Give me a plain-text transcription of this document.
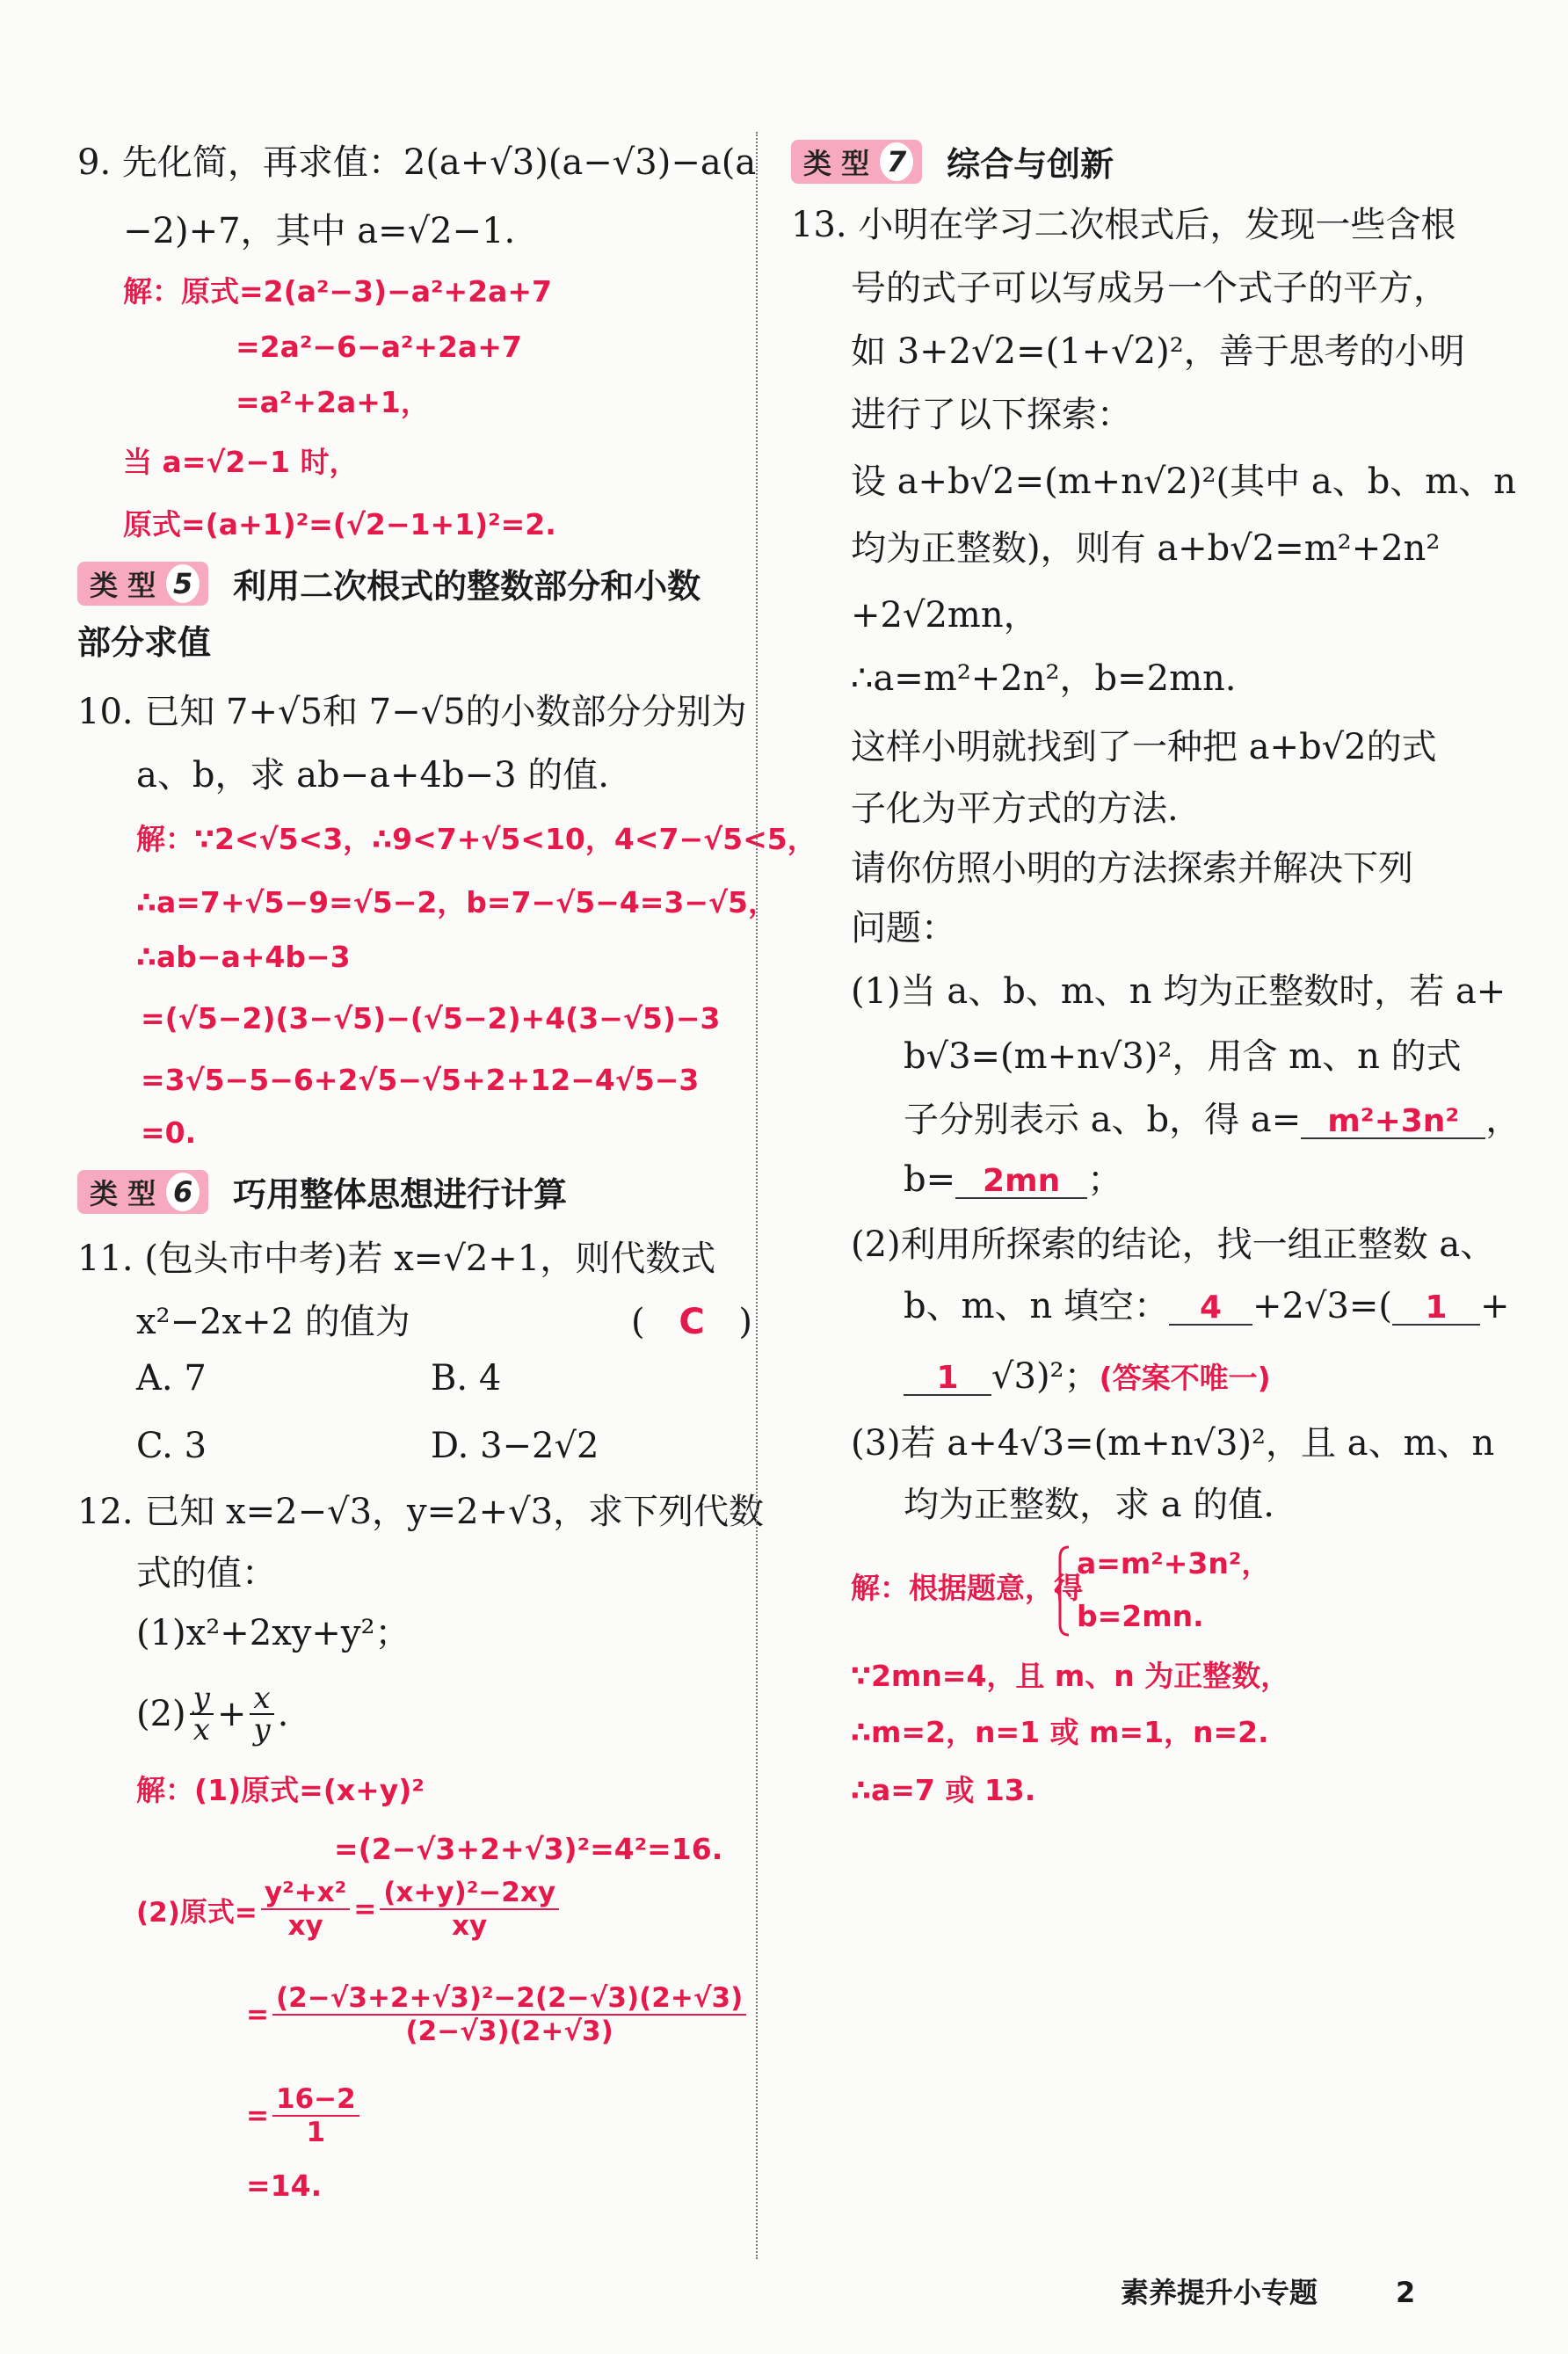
9. 先化简，再求值：2(a+√3)(a−√3)−a(a
−2)+7，其中 a=√2−1.
解：原式=2(a²−3)−a²+2a+7
=2a²−6−a²+2a+7
=a²+2a+1，
当 a=√2−1 时，
原式=(a+1)²=(√2−1+1)²=2.
类 型 5 利用二次根式的整数部分和小数
部分求值
10. 已知 7+√5和 7−√5的小数部分分别为
a、b，求 ab−a+4b−3 的值.
解：∵2<√5<3，∴9<7+√5<10，4<7−√5<5，
∴a=7+√5−9=√5−2，b=7−√5−4=3−√5，
∴ab−a+4b−3
=(√5−2)(3−√5)−(√5−2)+4(3−√5)−3
=3√5−5−6+2√5−√5+2+12−4√5−3
=0.
类 型 6 巧用整体思想进行计算
11. (包头市中考)若 x=√2+1，则代数式
x²−2x+2 的值为	( C )
A. 7	B. 4
C. 3	D. 3−2√2
12. 已知 x=2−√3，y=2+√3，求下列代数
式的值：
(1)x²+2xy+y²；
$(2) \frac{y}{x} + \frac{x}{y}$ .
解：(1)原式=(x+y)²
=(2−√3+2+√3)²=4²=16.
(2)原式= $\frac{\text{y²+x²}}{xy} = \frac{\text{(x+y)²−2xy}}{xy}$
= $\frac{\text{(2−√3+2+√3)²−2(2−√3)(2+√3)}}{(2-√3)(2+√3)}$
= $\frac{16-2}{1}$
=14.
类 型 7 综合与创新
13. 小明在学习二次根式后，发现一些含根
号的式子可以写成另一个式子的平方，
如 3+2√2=(1+√2)²，善于思考的小明
进行了以下探索：
设 a+b√2=(m+n√2)²(其中 a、b、m、n
均为正整数)，则有 a+b√2=m²+2n²
+2√2mn，
∴a=m²+2n²，b=2mn.
这样小明就找到了一种把 a+b√2的式
子化为平方式的方法.
请你仿照小明的方法探索并解决下列
问题：
(1)当 a、b、m、n 均为正整数时，若 a+
b√3=(m+n√3)²，用含 m、n 的式
子分别表示 a、b，得 a= m²+3n² ，
b= 2mn ；
(2)利用所探索的结论，找一组正整数 a、
b、m、n 填空： 4 +2√3=( 1 +
1 √3)²；(答案不唯一)
(3)若 a+4√3=(m+n√3)²，且 a、m、n
均为正整数，求 a 的值.
解：根据题意，得
a=m²+3n²，
b=2mn.
∵2mn=4，且 m、n 为正整数，
∴m=2，n=1 或 m=1，n=2.
∴a=7 或 13.
素养提升小专题	2
